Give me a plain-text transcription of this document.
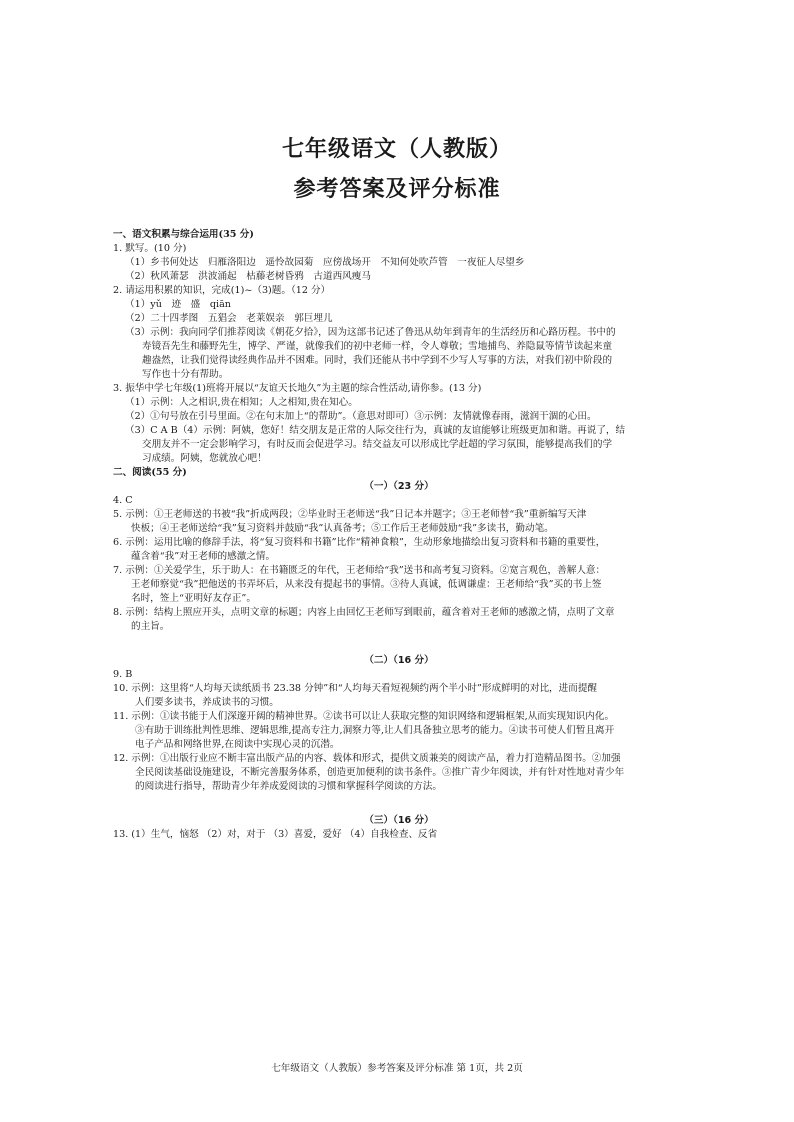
七年级语文（人教版）
参考答案及评分标准
一、语文积累与综合运用(35 分)
1. 默写。(10 分)
（1）乡书何处达　归雁洛阳边　遥怜故园菊　应傍战场开　不知何处吹芦管　一夜征人尽望乡
（2）秋风萧瑟　洪波涌起　枯藤老树昏鸦　古道西风瘦马
2. 请运用积累的知识，完成(1)~（3)题。（12 分）
（1）yǔ　迹　盛　qiān
（2）二十四孝图　五猖会　老莱娱亲　郭巨埋儿
（3）示例：我向同学们推荐阅读《朝花夕拾》，因为这部书记述了鲁迅从幼年到青年的生活经历和心路历程。书中的
寿镜吾先生和藤野先生，博学、严谨，就像我们的初中老师一样，令人尊敬；雪地捕鸟、养隐鼠等情节读起来童
趣盎然，让我们觉得读经典作品并不困难。同时，我们还能从书中学到不少写人写事的方法，对我们初中阶段的
写作也十分有帮助。
3. 振华中学七年级(1)班将开展以“友谊天长地久”为主题的综合性活动,请你参。(13 分)
（1）示例：人之相识,贵在相知；人之相知,贵在知心。
（2）①句号放在引号里面。②在句末加上“的帮助”。（意思对即可）③示例：友情就像春雨，滋润干涸的心田。
（3）C A B（4）示例：阿姨，您好！结交朋友是正常的人际交往行为，真诚的友谊能够让班级更加和谐。再说了，结
交朋友并不一定会影响学习，有时反而会促进学习。结交益友可以形成比学赶超的学习氛围，能够提高我们的学
习成绩。阿姨，您就放心吧！
二、阅读(55 分)
（一）（23 分）
4. C
5. 示例：①王老师送的书被“我”折成两段；②毕业时王老师送“我”日记本并题字；③王老师替“我”重新编写天津
快板；④王老师送给“我”复习资料并鼓励“我”认真备考；⑤工作后王老师鼓励“我”多读书，勤动笔。
6. 示例：运用比喻的修辞手法，将“复习资料和书籍”比作“精神食粮”，生动形象地描绘出复习资料和书籍的重要性，
蕴含着“我”对王老师的感激之情。
7. 示例：①关爱学生，乐于助人：在书籍匮乏的年代，王老师给“我”送书和高考复习资料。②宽言观色，善解人意：
王老师察觉“我”把他送的书弄坏后，从来没有提起书的事情。③待人真诚，低调谦虚：王老师给“我”买的书上签
名时，签上“亚明好友存正”。
8. 示例：结构上照应开头，点明文章的标题；内容上由回忆王老师写到眼前，蕴含着对王老师的感激之情，点明了文章
的主旨。
（二）（16 分）
9. B
10. 示例：这里将“人均每天读纸质书 23.38 分钟”和“人均每天看短视频约两个半小时”形成鲜明的对比，进而提醒
人们要多读书，养成读书的习惯。
11. 示例：①读书能于人们深邃开阔的精神世界。②读书可以让人获取完整的知识网络和逻辑框架,从而实现知识内化。
③有助于训练批判性思维、逻辑思维,提高专注力,洞察力等,让人们具备独立思考的能力。④读书可使人们暂且离开
电子产品和网络世界,在阅读中实现心灵的沉潜。
12. 示例：①出版行业应不断丰富出版产品的内容、载体和形式，提供文质兼美的阅读产品，着力打造精品图书。②加强
全民阅读基础设施建设，不断完善服务体系，创造更加便利的读书条件。③推广青少年阅读，并有针对性地对青少年
的阅读进行指导，帮助青少年养成爱阅读的习惯和掌握科学阅读的方法。
（三）（16 分）
13. (1）生气，恼怒 （2）对，对于 （3）喜爱，爱好 （4）自我检查、反省
七年级语文（人教版）参考答案及评分标准 第 1页，共 2页
